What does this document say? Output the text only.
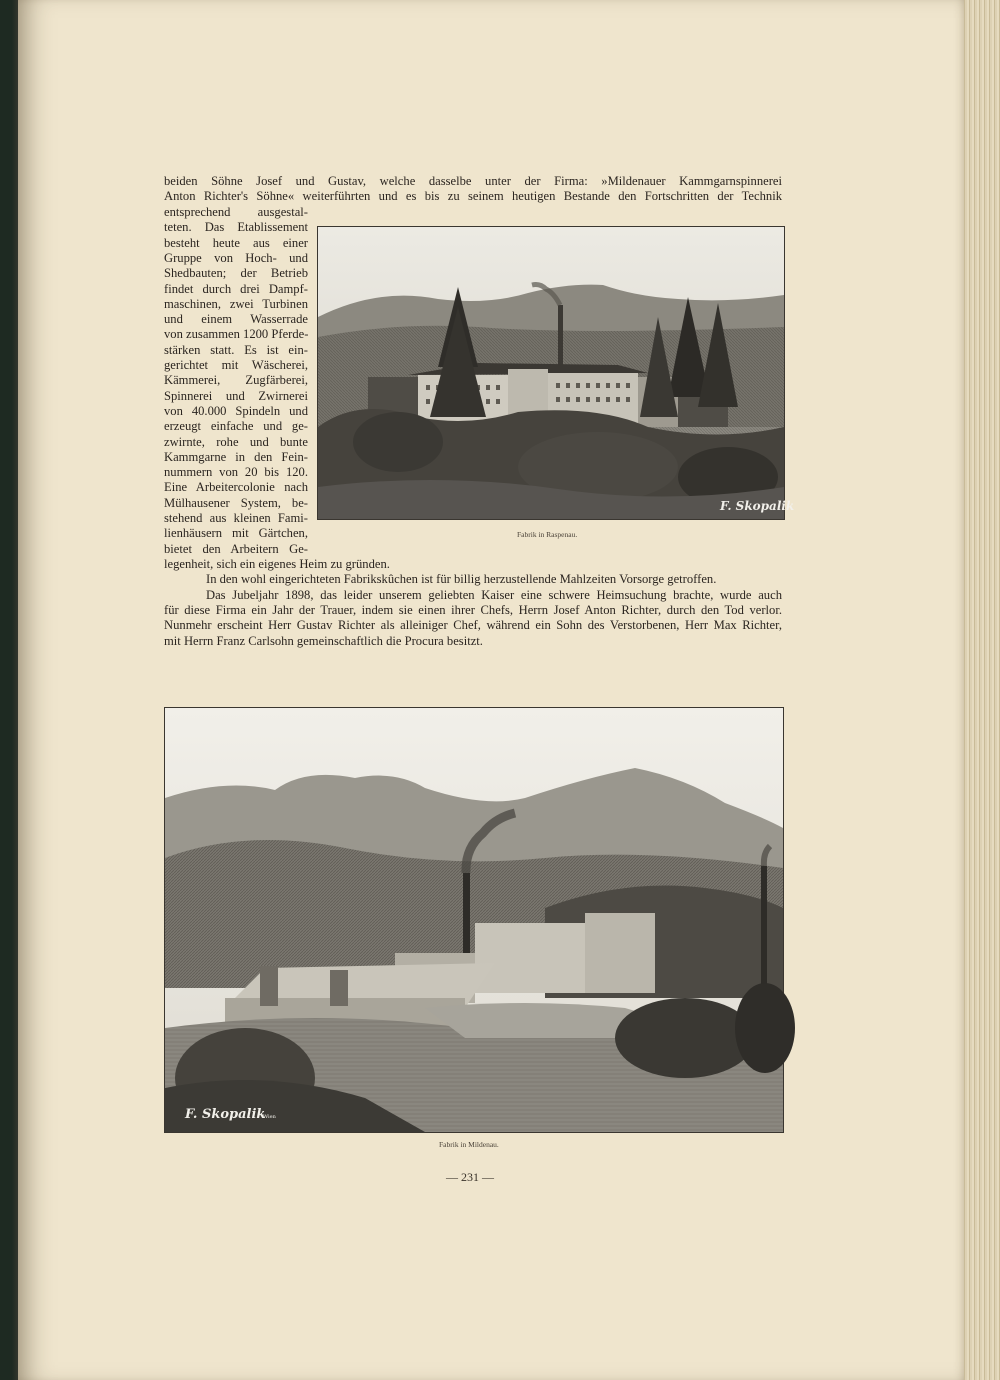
beiden Söhne Josef und Gustav, welche dasselbe unter der Firma: »Mildenauer Kammgarnspinnerei
Anton Richter's Söhne« weiterführten und es bis zu seinem heutigen Bestande den Fortschritten der Technik
entsprechend ausgestal-
teten. Das Etablissement
besteht heute aus einer
Gruppe von Hoch- und
Shedbauten; der Betrieb
findet durch drei Dampf-
maschinen, zwei Turbinen
und einem Wasserrade
von zusammen 1200 Pferde-
stärken statt. Es ist ein-
gerichtet mit Wäscherei,
Kämmerei, Zugfärberei,
Spinnerei und Zwirnerei
von 40.000 Spindeln und
erzeugt einfache und ge-
zwirnte, rohe und bunte
Kammgarne in den Fein-
nummern von 20 bis 120.
Eine Arbeitercolonie nach
Mülhausener System, be-
stehend aus kleinen Fami-
lienhäusern mit Gärtchen,
bietet den Arbeitern Ge-
legenheit, sich ein eigenes Heim zu gründen.
In den wohl eingerichteten Fabrikskûchen ist für billig herzustellende Mahlzeiten Vorsorge getroffen.
Das Jubeljahr 1898, das leider unserem geliebten Kaiser eine schwere Heimsuchung brachte, wurde auch
für diese Firma ein Jahr der Trauer, indem sie einen ihrer Chefs, Herrn Josef Anton Richter, durch den Tod verlor.
Nunmehr erscheint Herr Gustav Richter als alleiniger Chef, während ein Sohn des Verstorbenen, Herr Max Richter,
mit Herrn Franz Carlsohn gemeinschaftlich die Procura besitzt.
F. Skopalik
Fabrik in Raspenau.
F. Skopalik
Wien
Fabrik in Mildenau.
— 231 —
